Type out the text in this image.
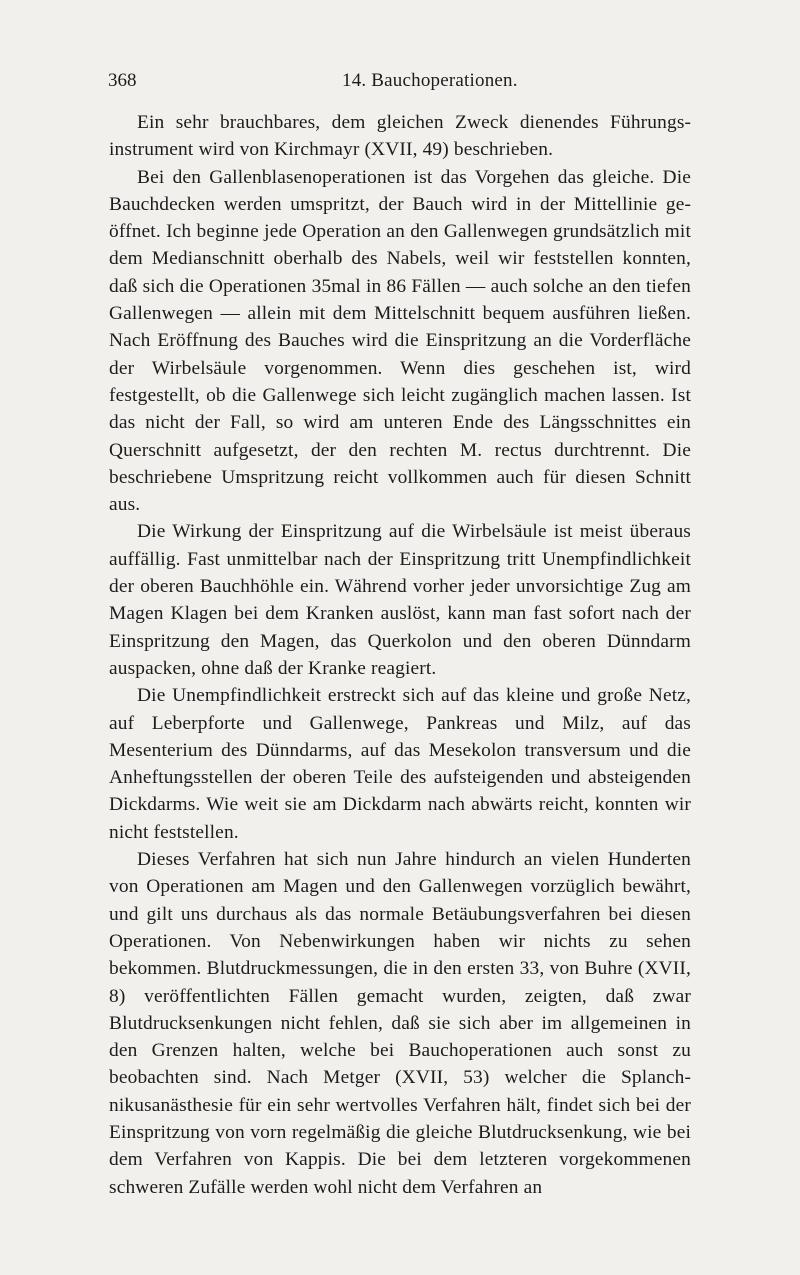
368	14. Bauchoperationen.

Ein sehr brauchbares, dem gleichen Zweck dienendes Führungsinstrument wird von Kirchmayr (XVII, 49) beschrieben.

Bei den Gallenblasenoperationen ist das Vorgehen das gleiche. Die Bauchdecken werden umspritzt, der Bauch wird in der Mittellinie geöffnet. Ich beginne jede Operation an den Gallenwegen grundsätzlich mit dem Medianschnitt oberhalb des Nabels, weil wir feststellen konnten, daß sich die Operationen 35mal in 86 Fällen — auch solche an den tiefen Gallenwegen — allein mit dem Mittelschnitt bequem ausführen ließen. Nach Eröffnung des Bauches wird die Einspritzung an die Vorderfläche der Wirbelsäule vorgenommen. Wenn dies geschehen ist, wird festgestellt, ob die Gallenwege sich leicht zugänglich machen lassen. Ist das nicht der Fall, so wird am unteren Ende des Längsschnittes ein Querschnitt aufgesetzt, der den rechten M. rectus durchtrennt. Die beschriebene Umspritzung reicht vollkommen auch für diesen Schnitt aus.

Die Wirkung der Einspritzung auf die Wirbelsäule ist meist überaus auffällig. Fast unmittelbar nach der Einspritzung tritt Unempfindlichkeit der oberen Bauchhöhle ein. Während vorher jeder unvorsichtige Zug am Magen Klagen bei dem Kranken auslöst, kann man fast sofort nach der Einspritzung den Magen, das Querkolon und den oberen Dünndarm auspacken, ohne daß der Kranke reagiert.

Die Unempfindlichkeit erstreckt sich auf das kleine und große Netz, auf Leberpforte und Gallenwege, Pankreas und Milz, auf das Mesenterium des Dünndarms, auf das Mesekolon transversum und die Anheftungsstellen der oberen Teile des aufsteigenden und absteigenden Dickdarms. Wie weit sie am Dickdarm nach abwärts reicht, konnten wir nicht feststellen.

Dieses Verfahren hat sich nun Jahre hindurch an vielen Hunderten von Operationen am Magen und den Gallenwegen vorzüglich bewährt, und gilt uns durchaus als das normale Betäubungsverfahren bei diesen Operationen. Von Nebenwirkungen haben wir nichts zu sehen bekommen. Blutdruckmessungen, die in den ersten 33, von Buhre (XVII, 8) veröffentlichten Fällen gemacht wurden, zeigten, daß zwar Blutdrucksenkungen nicht fehlen, daß sie sich aber im allgemeinen in den Grenzen halten, welche bei Bauchoperationen auch sonst zu beobachten sind. Nach Metger (XVII, 53) welcher die Splanchnikusanästhesie für ein sehr wertvolles Verfahren hält, findet sich bei der Einspritzung von vorn regelmäßig die gleiche Blutdrucksenkung, wie bei dem Verfahren von Kappis. Die bei dem letzteren vorgekommenen schweren Zufälle werden wohl nicht dem Verfahren an
